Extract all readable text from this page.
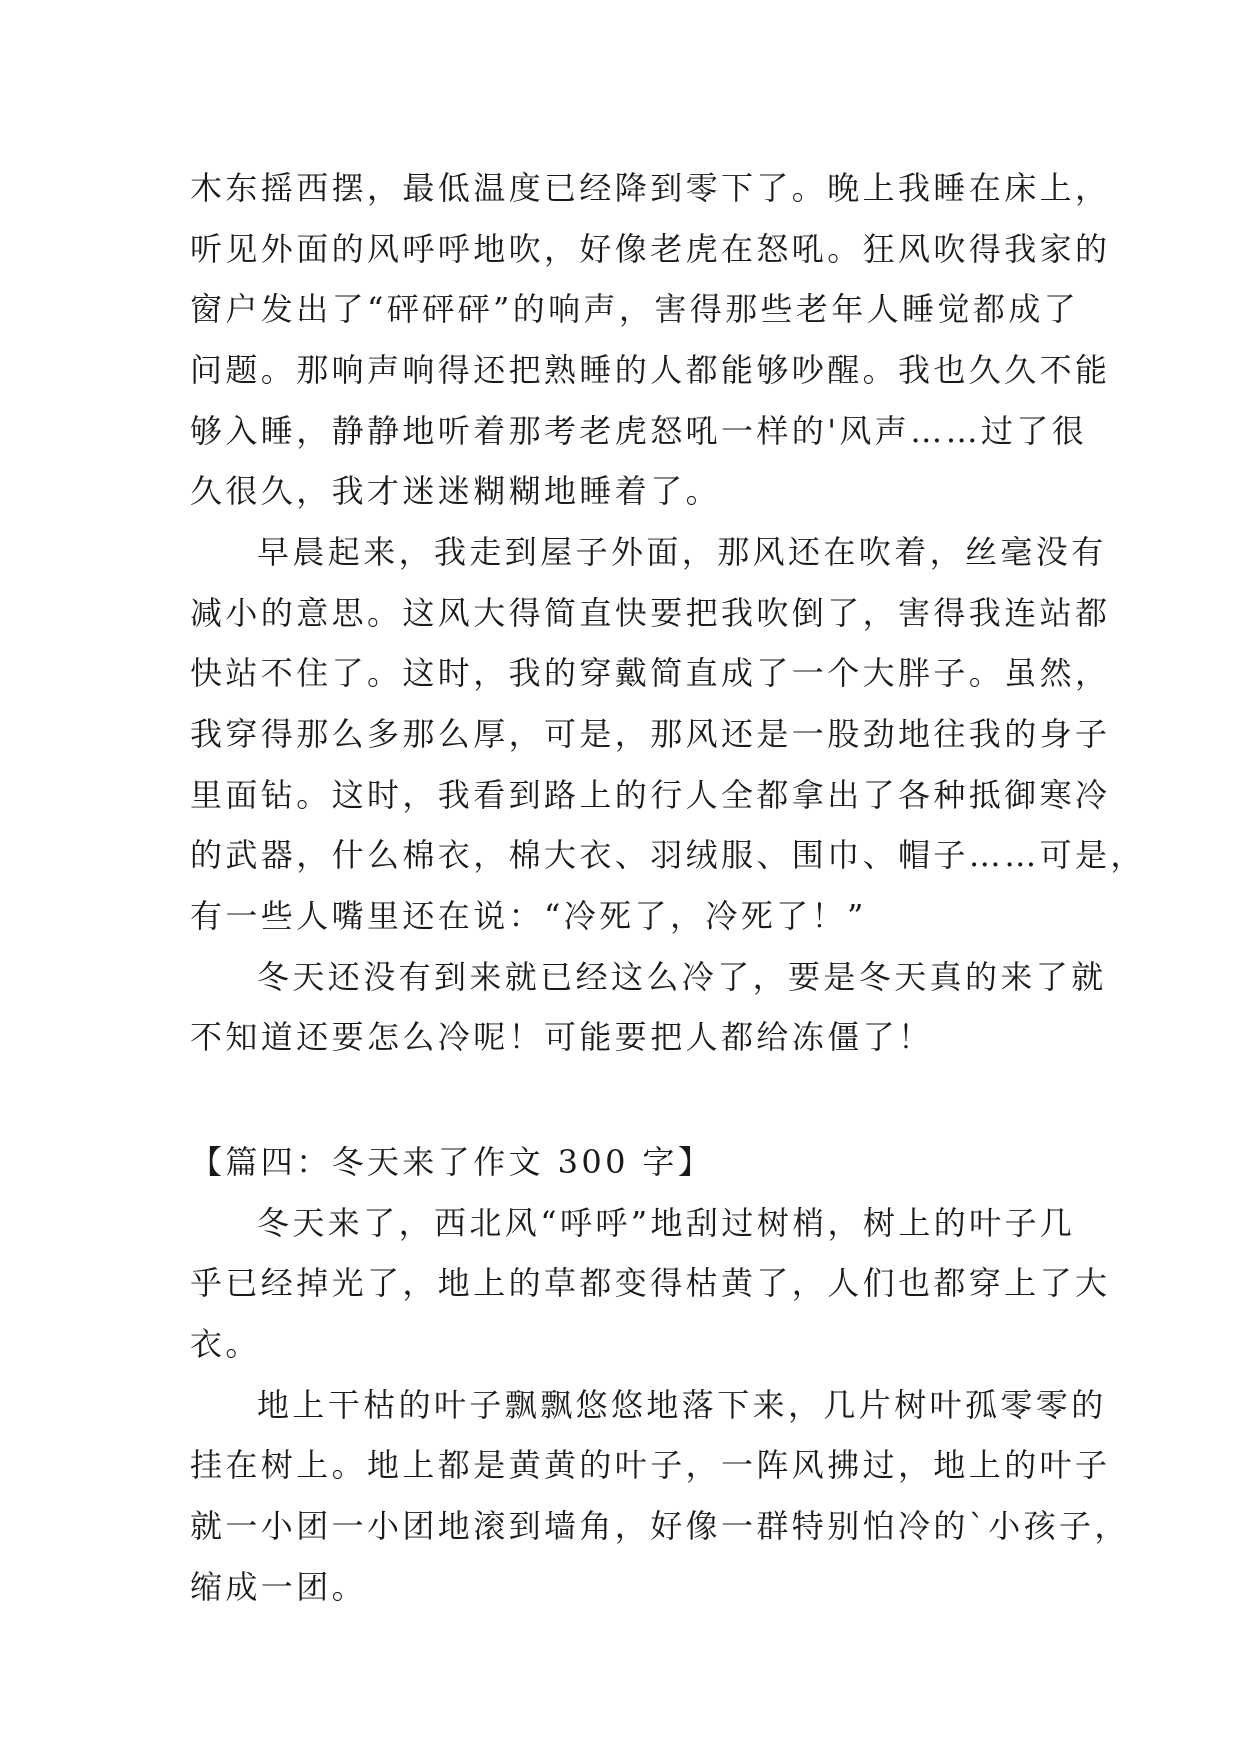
木东摇西摆，最低温度已经降到零下了。晚上我睡在床上，
听见外面的风呼呼地吹，好像老虎在怒吼。狂风吹得我家的
窗户发出了“砰砰砰”的响声，害得那些老年人睡觉都成了
问题。那响声响得还把熟睡的人都能够吵醒。我也久久不能
够入睡，静静地听着那考老虎怒吼一样的'风声……过了很
久很久，我才迷迷糊糊地睡着了。
早晨起来，我走到屋子外面，那风还在吹着，丝毫没有
减小的意思。这风大得简直快要把我吹倒了，害得我连站都
快站不住了。这时，我的穿戴简直成了一个大胖子。虽然，
我穿得那么多那么厚，可是，那风还是一股劲地往我的身子
里面钻。这时，我看到路上的行人全都拿出了各种抵御寒冷
的武器，什么棉衣，棉大衣、羽绒服、围巾、帽子……可是，
有一些人嘴里还在说：“冷死了，冷死了！”
冬天还没有到来就已经这么冷了，要是冬天真的来了就
不知道还要怎么冷呢！可能要把人都给冻僵了！
【篇四：冬天来了作文 300 字】
冬天来了，西北风“呼呼”地刮过树梢，树上的叶子几
乎已经掉光了，地上的草都变得枯黄了，人们也都穿上了大
衣。
地上干枯的叶子飘飘悠悠地落下来，几片树叶孤零零的
挂在树上。地上都是黄黄的叶子，一阵风拂过，地上的叶子
就一小团一小团地滚到墙角，好像一群特别怕冷的`小孩子，
缩成一团。
